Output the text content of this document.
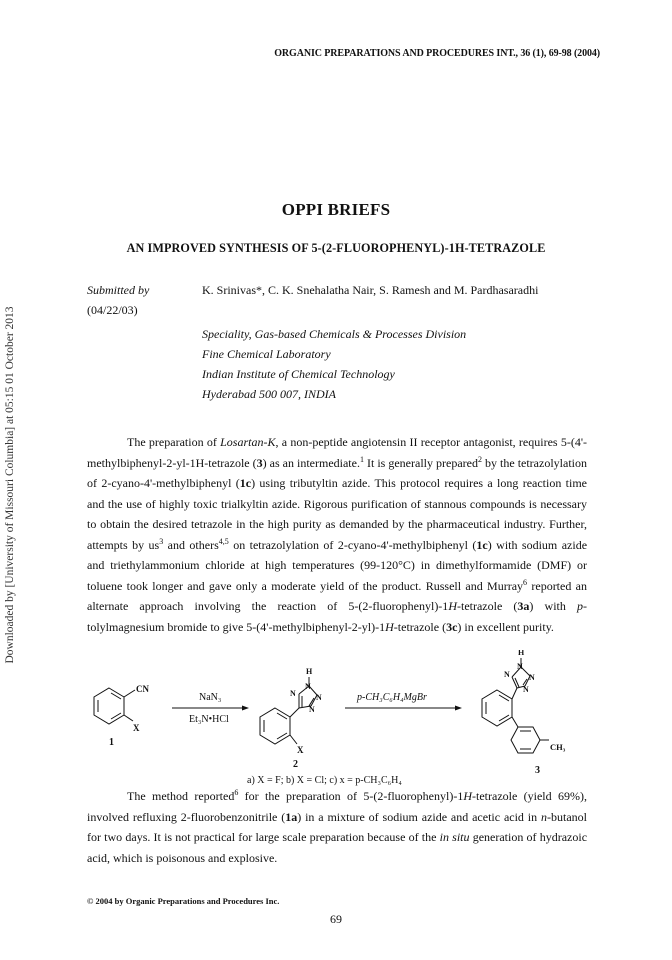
ORGANIC PREPARATIONS AND PROCEDURES INT., 36 (1), 69-98 (2004)
Downloaded by [University of Missouri Columbia] at 05:15 01 October 2013
OPPI BRIEFS
AN IMPROVED SYNTHESIS OF 5-(2-FLUOROPHENYL)-1H-TETRAZOLE
Submitted by
(04/22/03)
K. Srinivas*, C. K. Snehalatha Nair, S. Ramesh and M. Pardhasaradhi
Speciality, Gas-based Chemicals & Processes Division
Fine Chemical Laboratory
Indian Institute of Chemical Technology
Hyderabad 500 007, INDIA

The preparation of Losartan-K, a non-peptide angiotensin II receptor antagonist, requires 5-(4'-methylbiphenyl-2-yl-1H-tetrazole (3) as an intermediate.$^1$ It is generally prepared$^2$ by the tetrazolylation of 2-cyano-4'-methylbiphenyl (1c) using tributyltin azide. This protocol requires a long reaction time and the use of highly toxic trialkyltin azide. Rigorous purification of stannous compounds is necessary to obtain the desired tetrazole in the high purity as demanded by the pharmaceutical industry. Further, attempts by $us^3$ and others$^{4,5}$ on tetrazolylation of 2-cyano-4'-methylbiphenyl (1c) with sodium azide and triethylammonium chloride at high temperatures (99-120°C) in dimethylformamide (DMF) or toluene took longer and gave only a moderate yield of the product. Russell and Murray$^6$ reported an alternate approach involving the reaction of 5-(2-fluorophenyl)-1H-tetrazole (3a) with p-tolylmagnesium bromide to give 5-(4'-methylbiphenyl-2-yl)-1H-tetrazole (3c) in excellent purity.

CN
X
1
NaN₃
Et₃N•HCl
H
N
N
N
N
X
2
p-CH₃C₆H₄MgBr
H
N
N
N
N
CH₃
3
a) X = F; b) X = Cl; c) x = p-CH₃C₆H₄

The method reported$^6$ for the preparation of 5-(2-fluorophenyl)-1H-tetrazole (yield 69%), involved refluxing 2-fluorobenzonitrile (1a) in a mixture of sodium azide and acetic acid in n-butanol for two days. It is not practical for large scale preparation because of the in situ generation of hydrazoic acid, which is poisonous and explosive.

© 2004 by Organic Preparations and Procedures Inc.
69
